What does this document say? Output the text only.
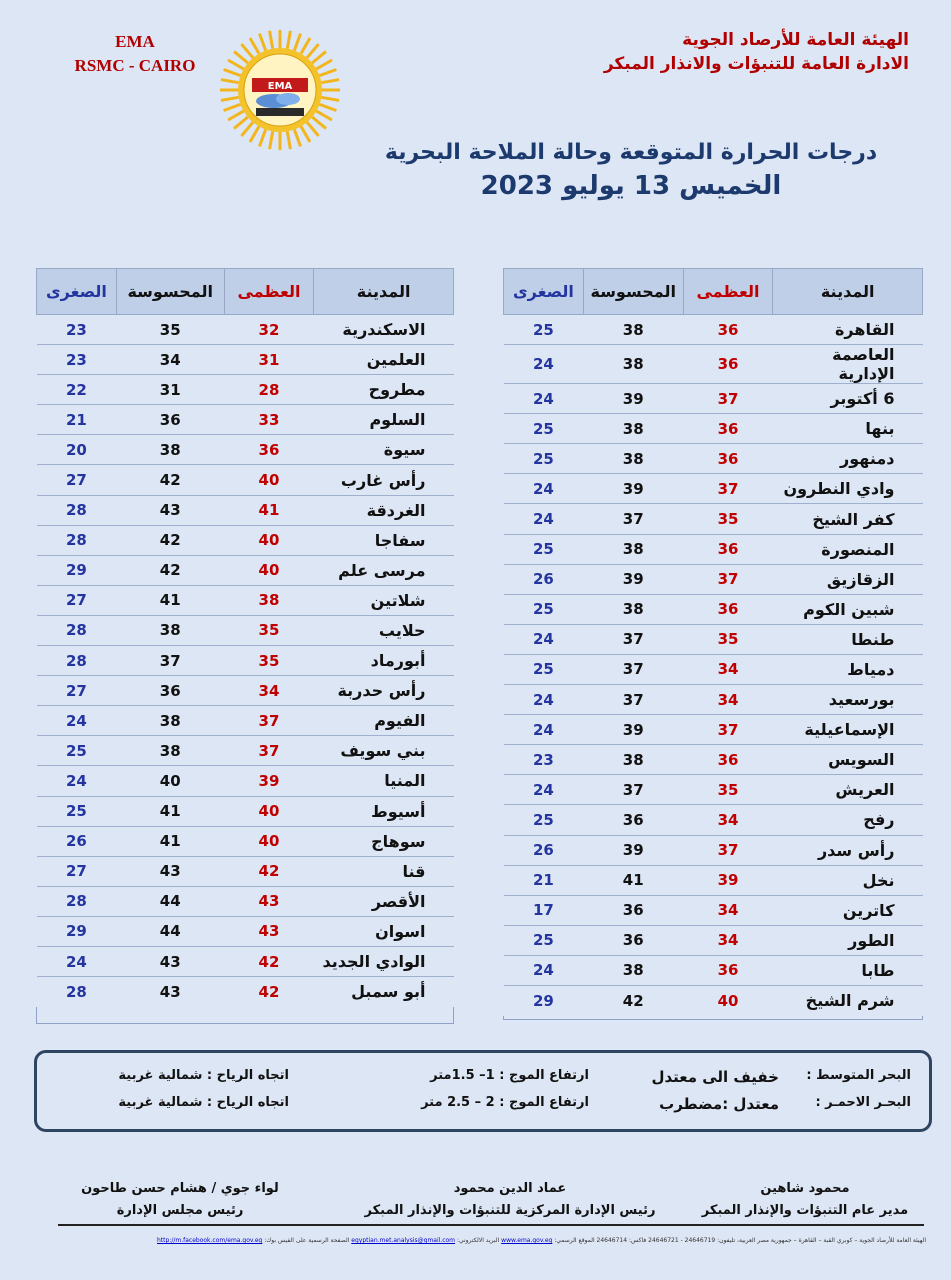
EMA
RSMC - CAIRO
EMA
الهيئة العامة للأرصاد الجوية
الادارة العامة للتنبؤات والانذار المبكر
درجات الحرارة المتوقعة وحالة الملاحة البحرية
الخميس 13 يوليو 2023
المدينة	العظمى	المحسوسة	الصغرى
القاهرة	36	38	25
العاصمة الإدارية	36	38	24
6 أكتوبر	37	39	24
بنها	36	38	25
دمنهور	36	38	25
وادي النطرون	37	39	24
كفر الشيخ	35	37	24
المنصورة	36	38	25
الزقازيق	37	39	26
شبين الكوم	36	38	25
طنطا	35	37	24
دمياط	34	37	25
بورسعيد	34	37	24
الإسماعيلية	37	39	24
السويس	36	38	23
العريش	35	37	24
رفح	34	36	25
رأس سدر	37	39	26
نخل	39	41	21
كاترين	34	36	17
الطور	34	36	25
طابا	36	38	24
شرم الشيخ	40	42	29
المدينة	العظمى	المحسوسة	الصغرى
الاسكندرية	32	35	23
العلمين	31	34	23
مطروح	28	31	22
السلوم	33	36	21
سيوة	36	38	20
رأس غارب	40	42	27
الغردقة	41	43	28
سفاجا	40	42	28
مرسى علم	40	42	29
شلاتين	38	41	27
حلايب	35	38	28
أبورماد	35	37	28
رأس حدربة	34	36	27
الفيوم	37	38	24
بني سويف	37	38	25
المنيا	39	40	24
أسيوط	40	41	25
سوهاج	40	41	26
قنا	42	43	27
الأقصر	43	44	28
اسوان	43	44	29
الوادي الجديد	42	43	24
أبو سمبل	42	43	28
البحر المتوسط :
خفيف الى معتدل
ارتفاع الموج : 1– 1.5متر
اتجاه الرياح : شمالية غربية
البحـر الاحمـر :
معتدل :مضطرب
ارتفاع الموج : 2 – 2.5 متر
اتجاه الرياح : شمالية غربية
محمود شاهين
مدير عام التنبؤات والإنذار المبكر
عماد الدين محمود
رئيس الإدارة المركزية للتنبؤات والإنذار المبكر
لواء جوي / هشام حسن طاحون
رئيس مجلس الإدارة
الهيئة العامة للأرصاد الجوية – كوبري القبة – القاهرة – جمهورية مصر العربية، تليفون: 24646719 - 24646721 فاكس: 24646714 الموقع الرسمي: www.ema.gov.eg البريد الالكتروني: egyptian.met.analysis@gmail.com الصفحة الرسمية على الفيس بوك: http://m.facebook.com/ema.gov.eg
